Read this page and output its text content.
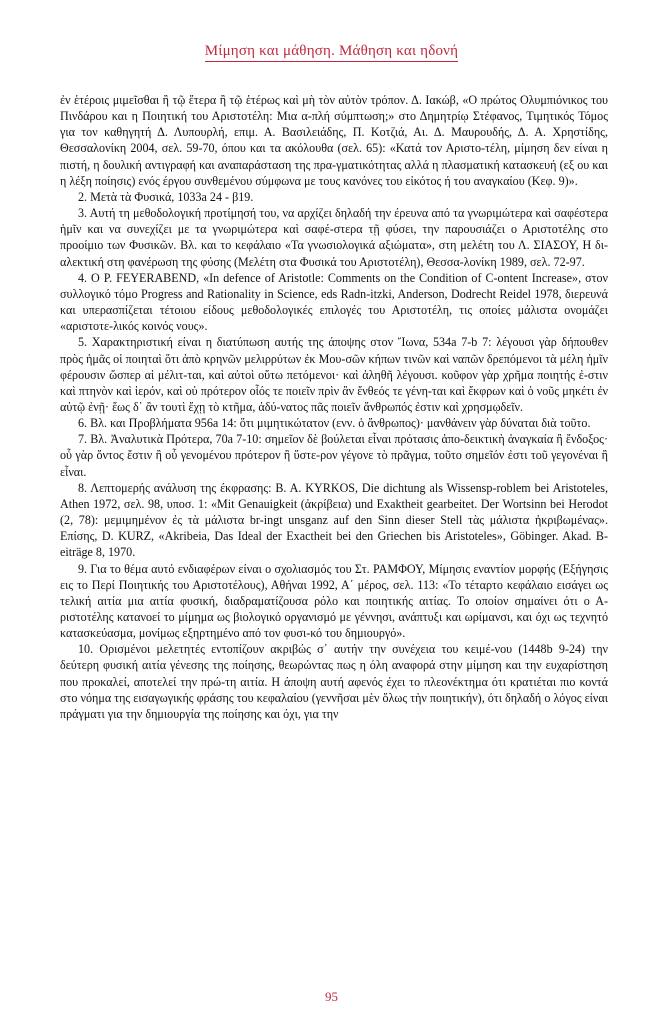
Μίμηση και μάθηση. Μάθηση και ηδονή

ἐν ἑτέροις μιμεῖσθαι ἢ τῷ ἕτερα ἢ τῷ ἑτέρως καὶ μὴ τὸν αὐτὸν τρόπον. Δ. Ιακώβ, «Ο πρώτος Ολυμπιόνικος του Πινδάρου και η Ποιητική του Αριστοτέλη: Μια α-πλή σύμπτωση;» στο Δημητρίῳ Στέφανος, Τιμητικός Τόμος για τον καθηγητή Δ. Λυπουρλή, επιμ. Α. Βασιλειάδης, Π. Κοτζιά, Αι. Δ. Μαυρουδής, Δ. Α. Χρηστίδης, Θεσσαλονίκη 2004, σελ. 59-70, όπου και τα ακόλουθα (σελ. 65): «Κατά τον Αριστο-τέλη, μίμηση δεν είναι η πιστή, η δουλική αντιγραφή και αναπαράσταση της πρα-γματικότητας αλλά η πλασματική κατασκευή (εξ ου και η λέξη ποίησις) ενός έργου συνθεμένου σύμφωνα με τους κανόνες του εἰκότος ή του αναγκαίου (Κεφ. 9)».

2. Μετὰ τὰ Φυσικά, 1033a 24 - β19.

3. Αυτή τη μεθοδολογική προτίμησή του, να αρχίζει δηλαδή την έρευνα από τα γνωριμώτερα καὶ σαφέστερα ἡμῖν και να συνεχίζει με τα γνωριμώτερα καὶ σαφέ-στερα τῇ φύσει, την παρουσιάζει ο Αριστοτέλης στο προοίμιο των Φυσικῶν. Βλ. και το κεφάλαιο «Τα γνωσιολογικά αξιώματα», στη μελέτη του Λ. ΣΙΑΣΟΥ, Η δι-αλεκτική στη φανέρωση της φύσης (Μελέτη στα Φυσικά του Αριστοτέλη), Θεσσα-λονίκη 1989, σελ. 72-97.

4. Ο P. FEYERABEND, «In defence of Aristotle: Comments on the Condition of C-ontent Increase», στον συλλογικό τόμο Progress and Rationality in Science, eds Radn-itzki, Anderson, Dodrecht Reidel 1978, διερευνά και υπερασπίζεται τέτοιου είδους μεθοδολογικές επιλογές του Αριστοτέλη, τις οποίες μάλιστα ονομάζει «αριστοτε-λικός κοινός νους».

5. Χαρακτηριστική είναι η διατύπωση αυτής της άποψης στον Ἴωνα, 534a 7-b 7: λέγουσι γὰρ δήπουθεν πρὸς ἡμᾶς οἱ ποιηταὶ ὅτι ἀπὸ κρηνῶν μελιρρύτων ἐκ Μου-σῶν κήπων τινῶν καὶ ναπῶν δρεπόμενοι τὰ μέλη ἡμῖν φέρουσιν ὥσπερ αἱ μέλιτ-ται, καὶ αὐτοὶ οὕτω πετόμενοι· καὶ ἀληθῆ λέγουσι. κοῦφον γὰρ χρῆμα ποιητής ἐ-στιν καὶ πτηνὸν καὶ ἱερόν, καὶ οὐ πρότερον οἷός τε ποιεῖν πρὶν ἂν ἔνθεός τε γένη-ται καὶ ἔκφρων καὶ ὁ νοῦς μηκέτι ἐν αὐτῷ ἐνῇ· ἕως δ᾽ ἂν τουτὶ ἔχῃ τὸ κτῆμα, ἀδύ-νατος πᾶς ποιεῖν ἄνθρωπός ἐστιν καὶ χρησμῳδεῖν.

6. Βλ. και Προβλήματα 956a 14: ὅτι μιμητικώτατον (ενν. ὁ ἄνθρωπος)· μανθάνειν γὰρ δύναται διὰ τοῦτο.

7. Βλ. Ἀναλυτικὰ Πρότερα, 70a 7-10: σημεῖον δὲ βούλεται εἶναι πρότασις ἀπο-δεικτικὴ ἀναγκαία ἢ ἔνδοξος· οὗ γὰρ ὄντος ἔστιν ἢ οὗ γενομένου πρότερον ἢ ὕστε-ρον γέγονε τὸ πρᾶγμα, τοῦτο σημεῖόν ἐστι τοῦ γεγονέναι ἢ εἶναι.

8. Λεπτομερής ανάλυση της έκφρασης: B. A. KYRKOS, Die dichtung als Wissensp-roblem bei Aristoteles, Athen 1972, σελ. 98, υποσ. 1: «Mit Genauigkeit (ἀκρίβεια) und Exaktheit gearbeitet. Der Wortsinn bei Herodot (2, 78): μεμιμημένον ἐς τὰ μάλιστα br-ingt unsganz auf den Sinn dieser Stell τὰς μάλιστα ἠκριβωμένας». Επίσης, D. KURZ, «Akribeia, Das Ideal der Exactheit bei den Griechen bis Aristoteles», Göbinger. Akad. B-eiträge 8, 1970.

9. Για το θέμα αυτό ενδιαφέρων είναι ο σχολιασμός του Στ. ΡΑΜΦΟΥ, Μίμησις εναντίον μορφής (Εξήγησις εις το Περί Ποιητικής του Αριστοτέλους), Αθήναι 1992, Α΄ μέρος, σελ. 113: «Το τέταρτο κεφάλαιο εισάγει ως τελική αιτία μια αιτία φυσική, διαδραματίζουσα ρόλο και ποιητικής αιτίας. Το οποίον σημαίνει ότι ο Α-ριστοτέλης κατανοεί το μίμημα ως βιολογικό οργανισμό με γέννησι, ανάπτυξι και ωρίμανσι, και όχι ως τεχνητό κατασκεύασμα, μονίμως εξηρτημένο από τον φυσι-κό του δημιουργό».

10. Ορισμένοι μελετητές εντοπίζουν ακριβώς σ᾽ αυτήν την συνέχεια του κειμέ-νου (1448b 9-24) την δεύτερη φυσική αιτία γένεσης της ποίησης, θεωρώντας πως η όλη αναφορά στην μίμηση και την ευχαρίστηση που προκαλεί, αποτελεί την πρώ-τη αιτία. Η άποψη αυτή αφενός έχει το πλεονέκτημα ότι κρατιέται πιο κοντά στο νόημα της εισαγωγικής φράσης του κεφαλαίου (γεννῆσαι μὲν ὅλως τὴν ποιητικήν), ότι δηλαδή ο λόγος είναι πράγματι για την δημιουργία της ποίησης και όχι, για την

95
